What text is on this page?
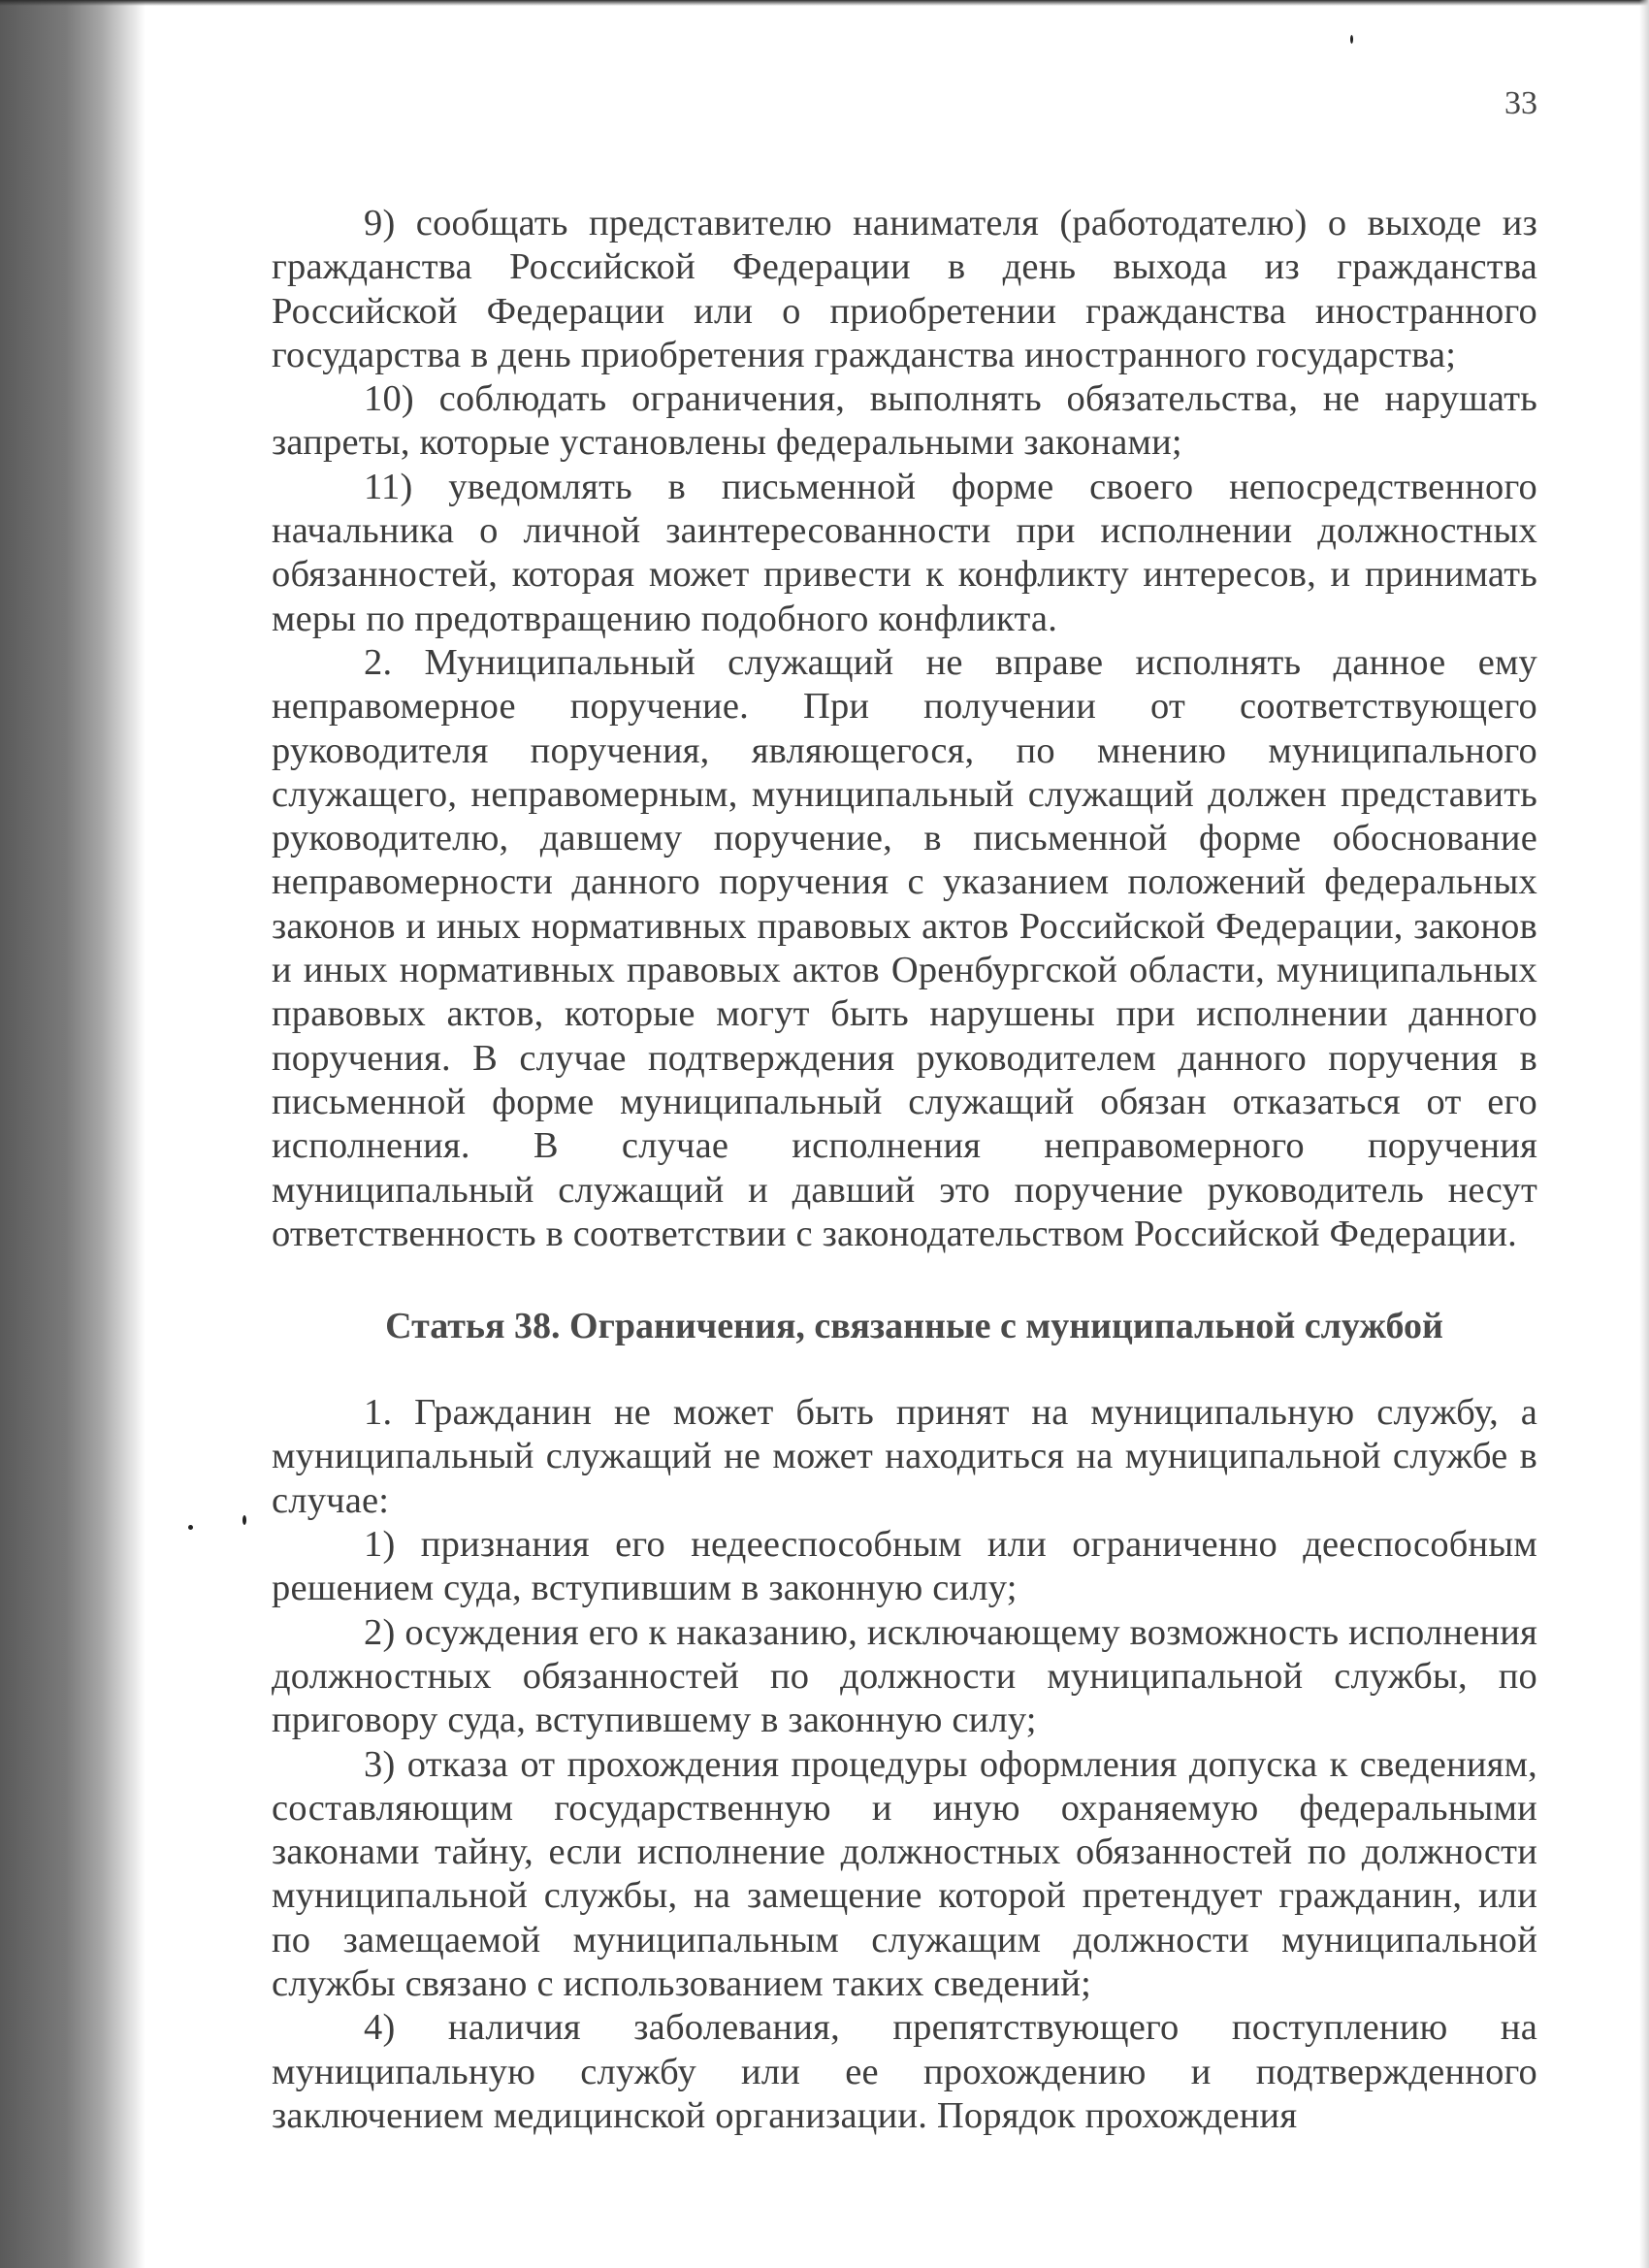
33

9) сообщать представителю нанимателя (работодателю) о выходе из гражданства Российской Федерации в день выхода из гражданства Российской Федерации или о приобретении гражданства иностранного государства в день приобретения гражданства иностранного государства;

10) соблюдать ограничения, выполнять обязательства, не нарушать запреты, которые установлены федеральными законами;

11) уведомлять в письменной форме своего непосредственного начальника о личной заинтересованности при исполнении должностных обязанностей, которая может привести к конфликту интересов, и принимать меры по предотвращению подобного конфликта.

2. Муниципальный служащий не вправе исполнять данное ему неправомерное поручение. При получении от соответствующего руководителя поручения, являющегося, по мнению муниципального служащего, неправомерным, муниципальный служащий должен представить руководителю, давшему поручение, в письменной форме обоснование неправомерности данного поручения с указанием положений федеральных законов и иных нормативных правовых актов Российской Федерации, законов и иных нормативных правовых актов Оренбургской области, муниципальных правовых актов, которые могут быть нарушены при исполнении данного поручения. В случае подтверждения руководителем данного поручения в письменной форме муниципальный служащий обязан отказаться от его исполнения. В случае исполнения неправомерного поручения муниципальный служащий и давший это поручение руководитель несут ответственность в соответствии с законодательством Российской Федерации.

Статья 38. Ограничения, связанные с муниципальной службой

1. Гражданин не может быть принят на муниципальную службу, а муниципальный служащий не может находиться на муниципальной службе в случае:

1) признания его недееспособным или ограниченно дееспособным решением суда, вступившим в законную силу;

2) осуждения его к наказанию, исключающему возможность исполнения должностных обязанностей по должности муниципальной службы, по приговору суда, вступившему в законную силу;

3) отказа от прохождения процедуры оформления допуска к сведениям, составляющим государственную и иную охраняемую федеральными законами тайну, если исполнение должностных обязанностей по должности муниципальной службы, на замещение которой претендует гражданин, или по замещаемой муниципальным служащим должности муниципальной службы связано с использованием таких сведений;

4) наличия заболевания, препятствующего поступлению на муниципальную службу или ее прохождению и подтвержденного заключением медицинской организации. Порядок прохождения
